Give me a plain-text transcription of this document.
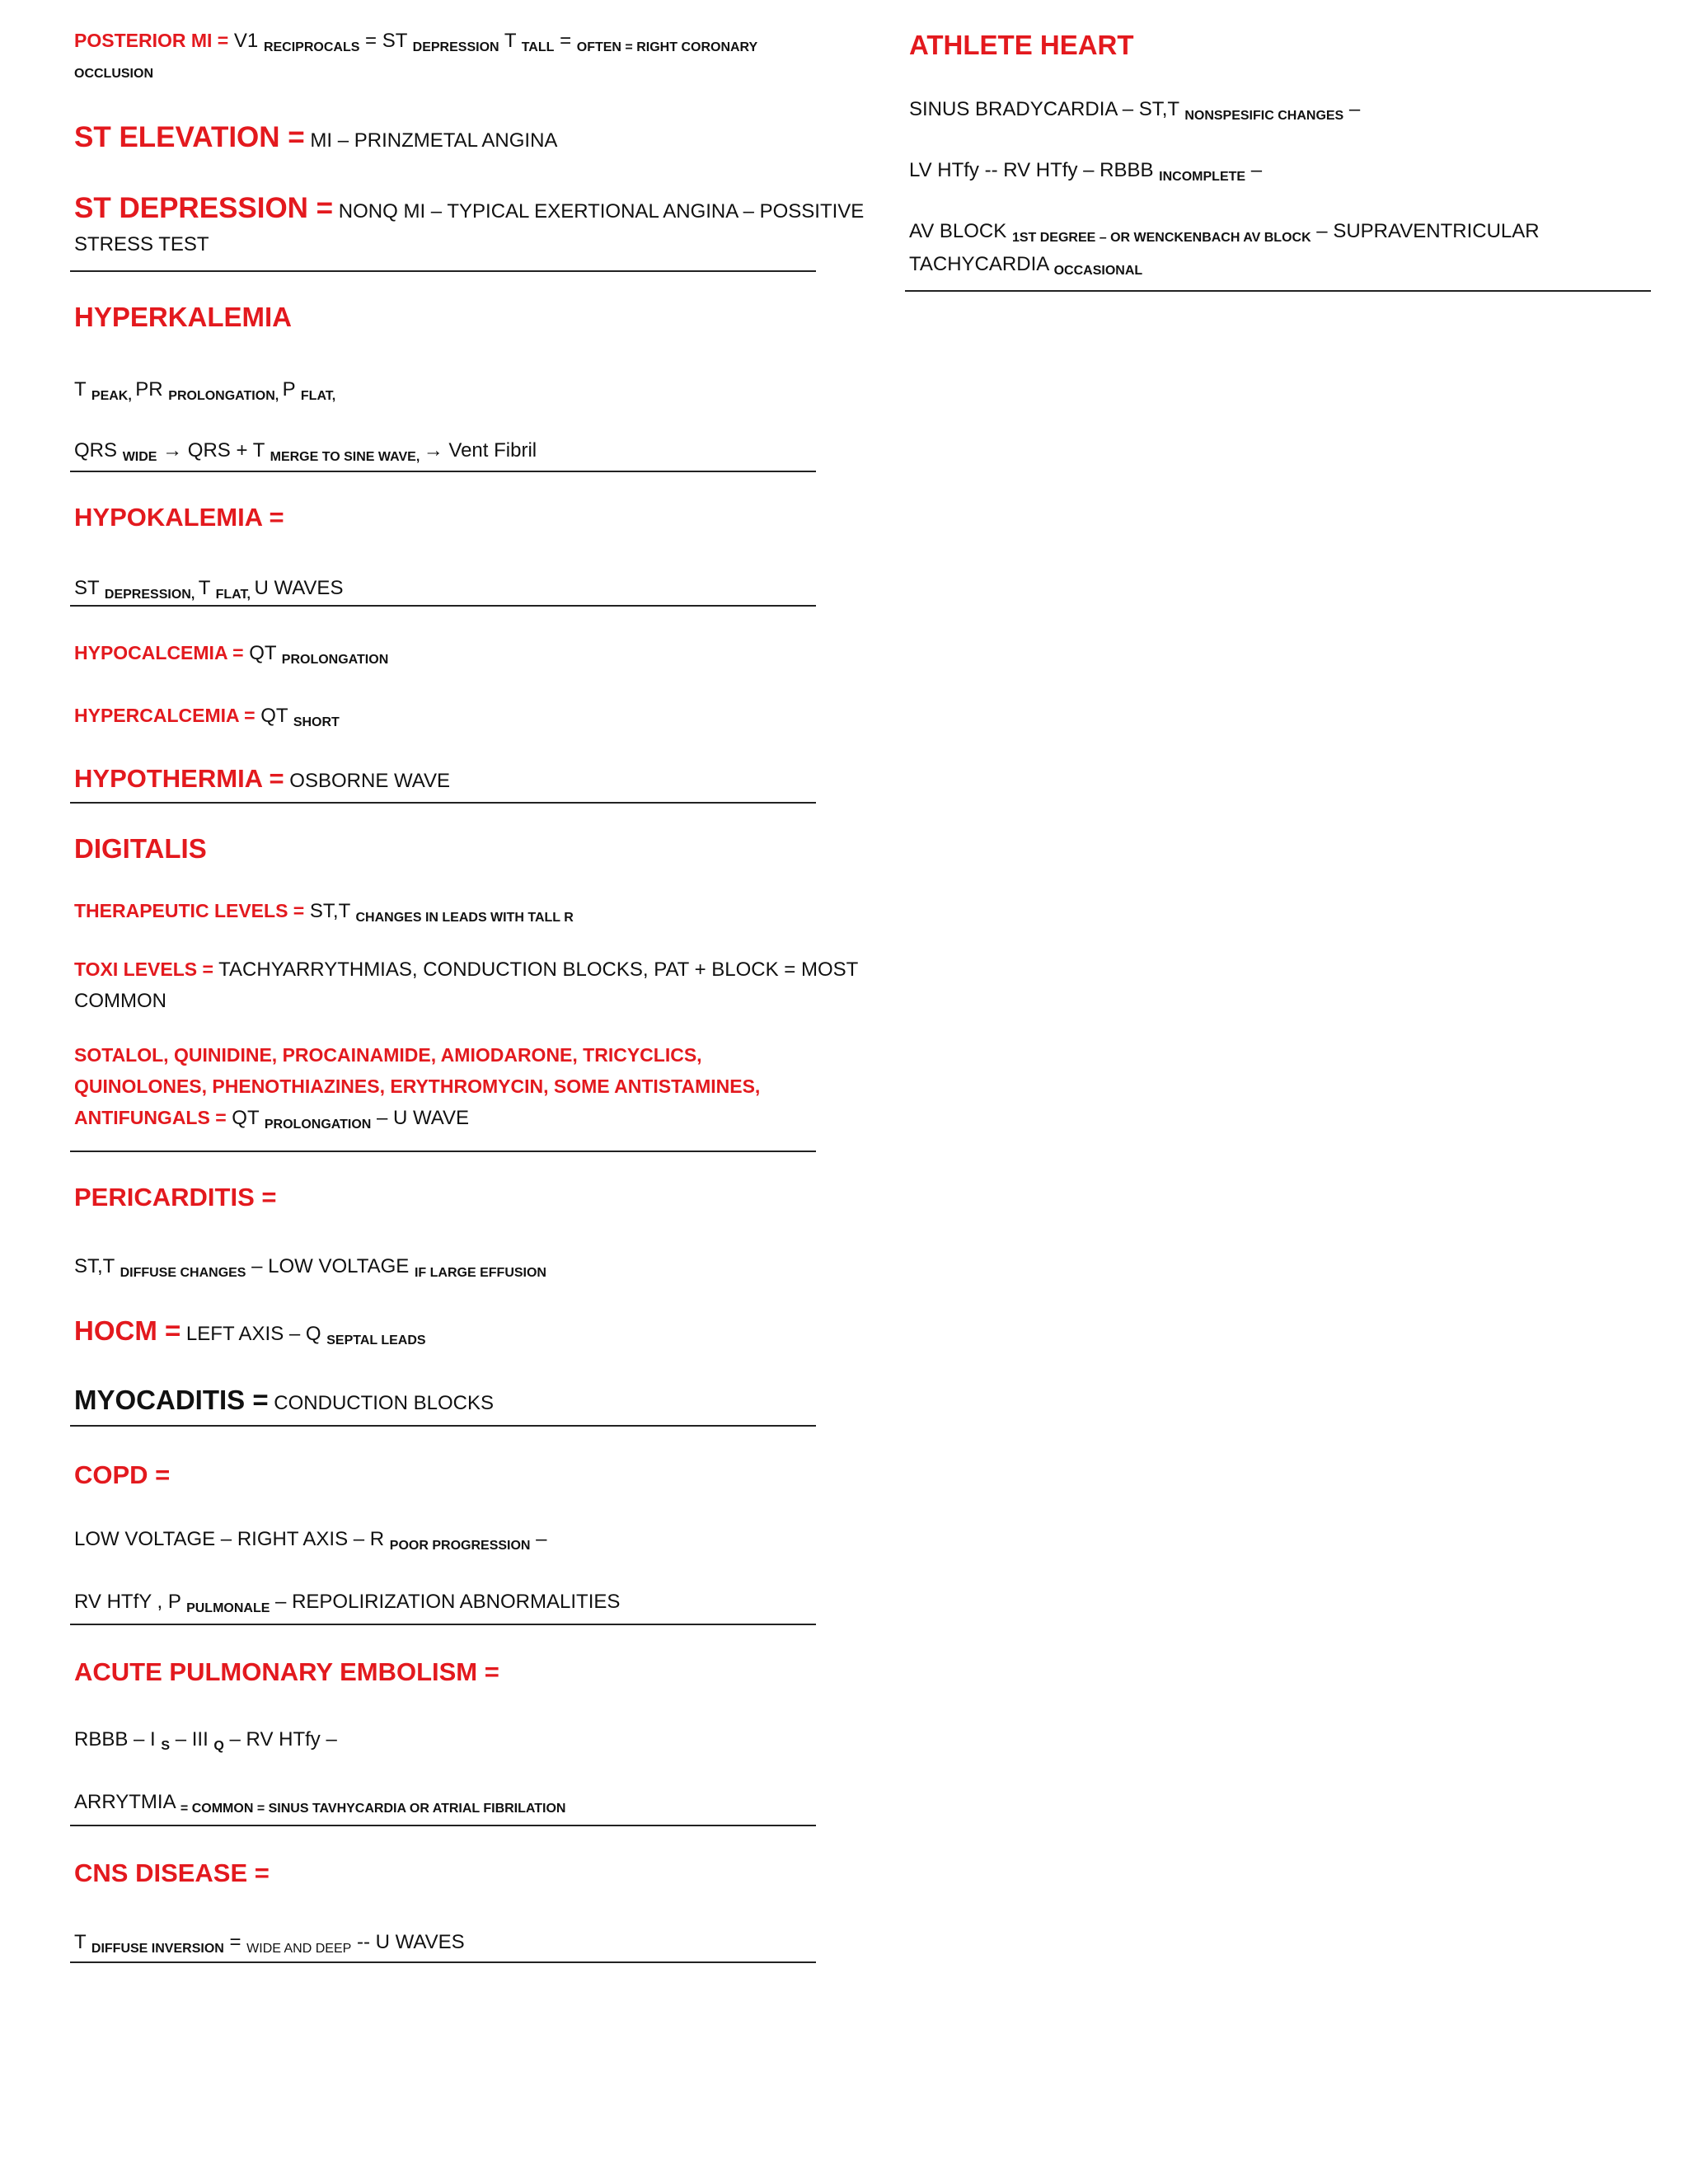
POSTERIOR MI = V1 $_{RECIPROCALS}$ = ST $_{DEPRESSION}$ T $_{TALL}$ = $_{OFTEN = RIGHT CORONARY}$
OCCLUSION
ST ELEVATION = MI – PRINZMETAL ANGINA
ST DEPRESSION = NONQ MI – TYPICAL EXERTIONAL ANGINA – POSSITIVE
STRESS TEST
HYPERKALEMIA
T $_{PEAK,}$ PR $_{PROLONGATION,}$ P $_{FLAT,}$
QRS $_{WIDE}$ → QRS + T $_{MERGE TO SINE WAVE,}$ → Vent Fibril
HYPOKALEMIA =
ST $_{DEPRESSION,}$ T $_{FLAT,}$ U WAVES
HYPOCALCEMIA = QT $_{PROLONGATION}$
HYPERCALCEMIA = QT $_{SHORT}$
HYPOTHERMIA = OSBORNE WAVE
DIGITALIS
THERAPEUTIC LEVELS = ST,T $_{CHANGES IN LEADS WITH TALL R}$
TOXI LEVELS = TACHYARRYTHMIAS, CONDUCTION BLOCKS, PAT + BLOCK = MOST
COMMON
SOTALOL, QUINIDINE, PROCAINAMIDE, AMIODARONE, TRICYCLICS,
QUINOLONES, PHENOTHIAZINES, ERYTHROMYCIN, SOME ANTISTAMINES,
ANTIFUNGALS = QT $_{PROLONGATION}$ – U WAVE
PERICARDITIS =
ST,T $_{DIFFUSE CHANGES}$ – LOW VOLTAGE $_{IF LARGE EFFUSION}$
HOCM = LEFT AXIS – Q $_{SEPTAL LEADS}$
MYOCADITIS = CONDUCTION BLOCKS
COPD =
LOW VOLTAGE – RIGHT AXIS – R $_{POOR PROGRESSION}$ –
RV HTfY , P $_{PULMONALE}$ – REPOLIRIZATION ABNORMALITIES
ACUTE PULMONARY EMBOLISM =
RBBB – I $_S$ – III $_Q$ – RV HTfy –
ARRYTMIA $_{= COMMON = SINUS TAVHYCARDIA OR ATRIAL FIBRILATION}$
CNS DISEASE =
T $_{DIFFUSE INVERSION}$ = $_{WIDE AND DEEP}$ -- U WAVES
ATHLETE HEART
SINUS BRADYCARDIA – ST,T $_{NONSPESIFIC CHANGES}$ –
LV HTfy -- RV HTfy – RBBB $_{INCOMPLETE}$ –
AV BLOCK $_{1ST DEGREE - OR WENCKENBACH AV BLOCK}$ – SUPRAVENTRICULAR
TACHYCARDIA $_{OCCASIONAL}$
